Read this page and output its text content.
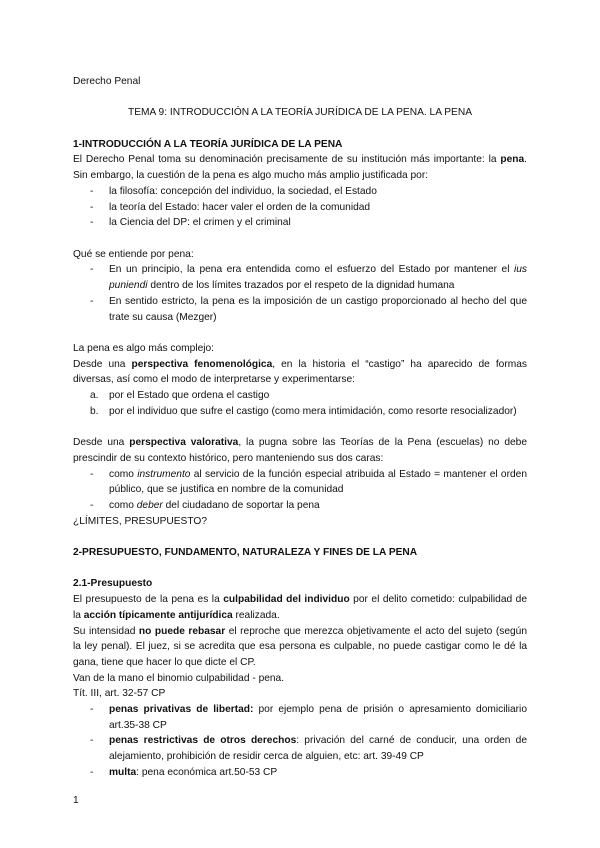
Derecho Penal

TEMA 9: INTRODUCCIÓN A LA TEORÍA JURÍDICA DE LA PENA. LA PENA

1-INTRODUCCIÓN A LA TEORÍA JURÍDICA DE LA PENA

El Derecho Penal toma su denominación precisamente de su institución más importante: la pena. Sin embargo, la cuestión de la pena es algo mucho más amplio justificada por:

- la filosofía: concepción del individuo, la sociedad, el Estado
- la teoría del Estado: hacer valer el orden de la comunidad
- la Ciencia del DP: el crimen y el criminal

Qué se entiende por pena:

- En un principio, la pena era entendida como el esfuerzo del Estado por mantener el ius puniendi dentro de los límites trazados por el respeto de la dignidad humana
- En sentido estricto, la pena es la imposición de un castigo proporcionado al hecho del que trate su causa (Mezger)

La pena es algo más complejo:

Desde una perspectiva fenomenológica, en la historia el “castigo” ha aparecido de formas diversas, así como el modo de interpretarse y experimentarse:

a. por el Estado que ordena el castigo
b. por el individuo que sufre el castigo (como mera intimidación, como resorte resocializador)

Desde una perspectiva valorativa, la pugna sobre las Teorías de la Pena (escuelas) no debe prescindir de su contexto histórico, pero manteniendo sus dos caras:

- como instrumento al servicio de la función especial atribuida al Estado = mantener el orden público, que se justifica en nombre de la comunidad
- como deber del ciudadano de soportar la pena

¿LÍMITES, PRESUPUESTO?

2-PRESUPUESTO, FUNDAMENTO, NATURALEZA Y FINES DE LA PENA

2.1-Presupuesto

El presupuesto de la pena es la culpabilidad del individuo por el delito cometido: culpabilidad de la acción típicamente antijurídica realizada.

Su intensidad no puede rebasar el reproche que merezca objetivamente el acto del sujeto (según la ley penal). El juez, si se acredita que esa persona es culpable, no puede castigar como le dé la gana, tiene que hacer lo que dicte el CP.

Van de la mano el binomio culpabilidad - pena.

Tít. III, art. 32-57 CP

- penas privativas de libertad: por ejemplo pena de prisión o apresamiento domiciliario art.35-38 CP
- penas restrictivas de otros derechos: privación del carné de conducir, una orden de alejamiento, prohibición de residir cerca de alguien, etc: art. 39-49 CP
- multa: pena económica art.50-53 CP
1
